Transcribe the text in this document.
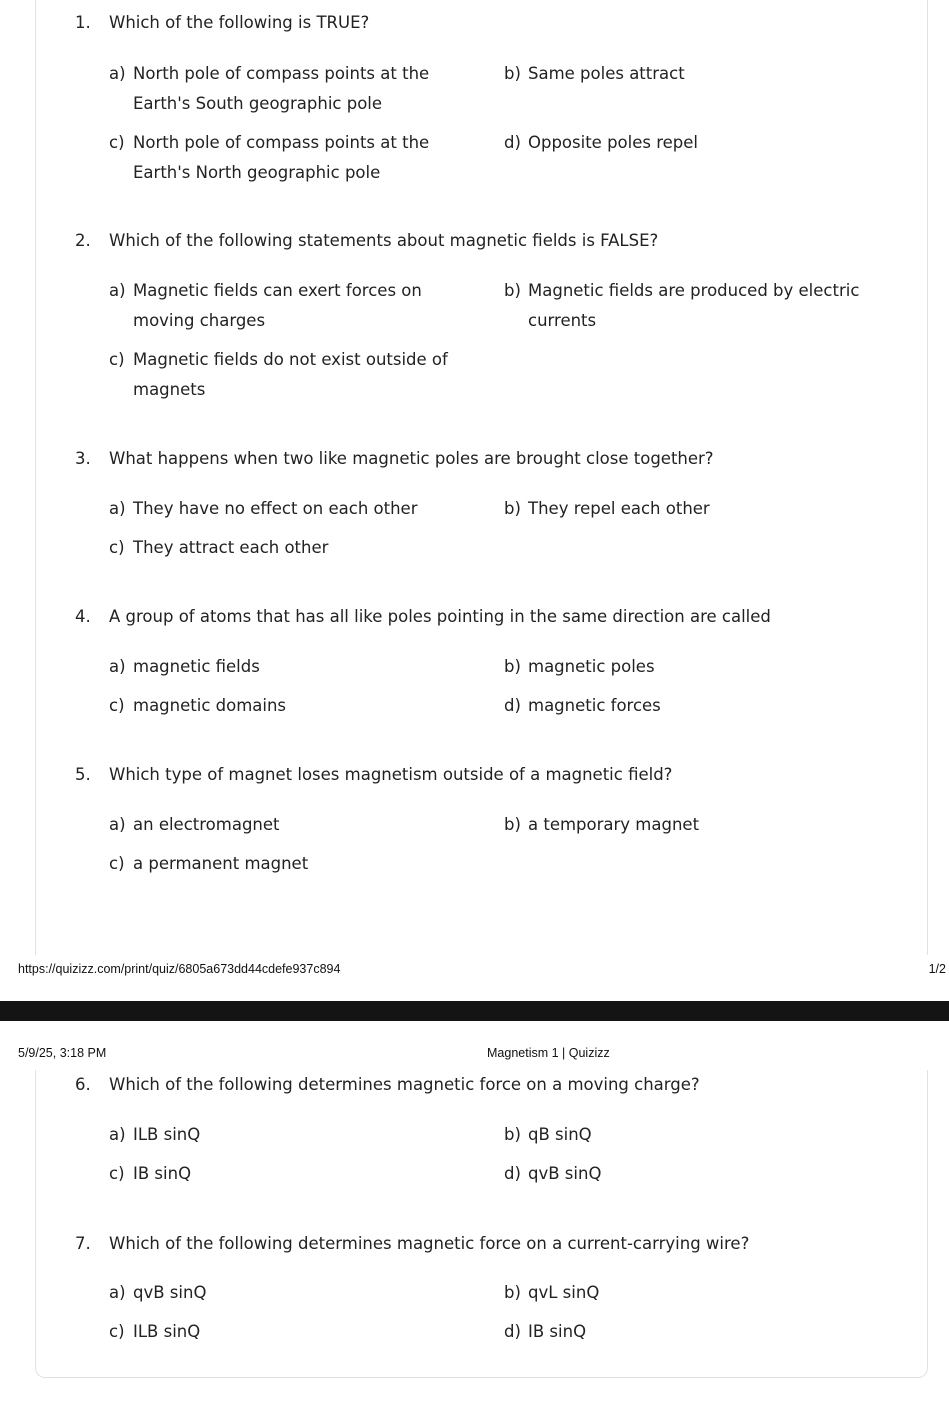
1. Which of the following is TRUE?
a) North pole of compass points at the Earth's South geographic pole
b) Same poles attract
c) North pole of compass points at the Earth's North geographic pole
d) Opposite poles repel
2. Which of the following statements about magnetic fields is FALSE?
a) Magnetic fields can exert forces on moving charges
b) Magnetic fields are produced by electric currents
c) Magnetic fields do not exist outside of magnets
3. What happens when two like magnetic poles are brought close together?
a) They have no effect on each other	b) They repel each other
c) They attract each other
4. A group of atoms that has all like poles pointing in the same direction are called
a) magnetic fields	b) magnetic poles
c) magnetic domains	d) magnetic forces
5. Which type of magnet loses magnetism outside of a magnetic field?
a) an electromagnet	b) a temporary magnet
c) a permanent magnet
https://quizizz.com/print/quiz/6805a673dd44cdefe937c894	1/2
5/9/25, 3:18 PM	Magnetism 1 | Quizizz
6. Which of the following determines magnetic force on a moving charge?
a) ILB sinQ	b) qB sinQ
c) IB sinQ	d) qvB sinQ
7. Which of the following determines magnetic force on a current-carrying wire?
a) qvB sinQ	b) qvL sinQ
c) ILB sinQ	d) IB sinQ
